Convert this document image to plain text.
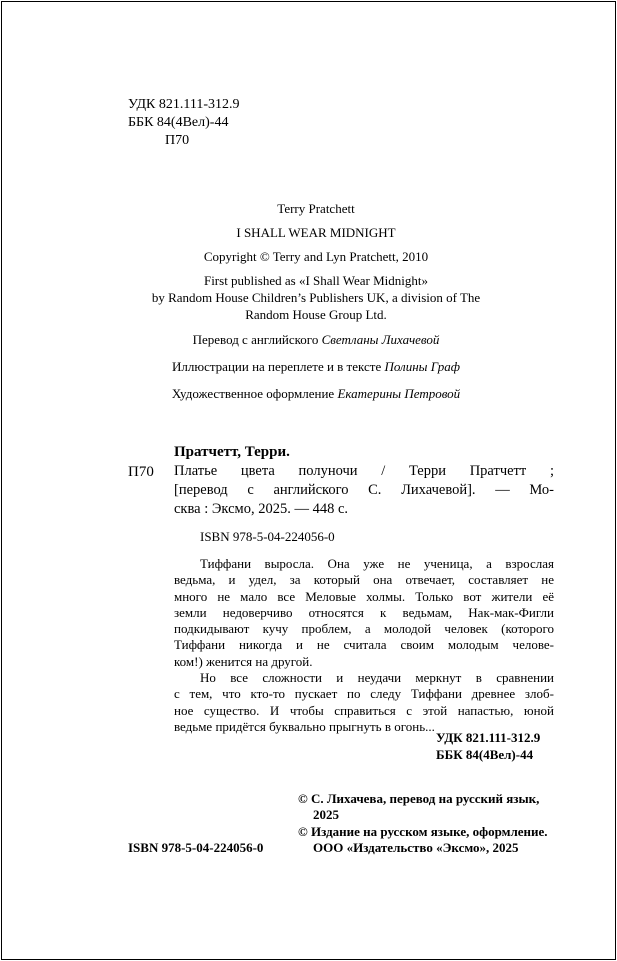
УДК 821.111-312.9
ББК 84(4Вел)-44
П70
Terry Pratchett
I SHALL WEAR MIDNIGHT
Copyright © Terry and Lyn Pratchett, 2010
First published as «I Shall Wear Midnight»
by Random House Children’s Publishers UK, a division of The
Random House Group Ltd.
Перевод с английского Светланы Лихачевой
Иллюстрации на переплете и в тексте Полины Граф
Художественное оформление Екатерины Петровой
Пратчетт, Терри.
П70 Платье цвета полуночи / Терри Пратчетт ;
[перевод с английского С. Лихачевой]. — Мо-
сква : Эксмо, 2025. — 448 с.
ISBN 978-5-04-224056-0
Тиффани выросла. Она уже не ученица, а взрослая
ведьма, и удел, за который она отвечает, составляет не
много не мало все Меловые холмы. Только вот жители её
земли недоверчиво относятся к ведьмам, Нак-мак-Фигли
подкидывают кучу проблем, а молодой человек (которого
Тиффани никогда и не считала своим молодым челове-
ком!) женится на другой.
Но все сложности и неудачи меркнут в сравнении
с тем, что кто-то пускает по следу Тиффани древнее злоб-
ное существо. И чтобы справиться с этой напастью, юной
ведьме придётся буквально прыгнуть в огонь...
УДК 821.111-312.9
ББК 84(4Вел)-44
© С. Лихачева, перевод на русский язык,
2025
© Издание на русском языке, оформление.
ООО «Издательство «Эксмо», 2025
ISBN 978-5-04-224056-0
